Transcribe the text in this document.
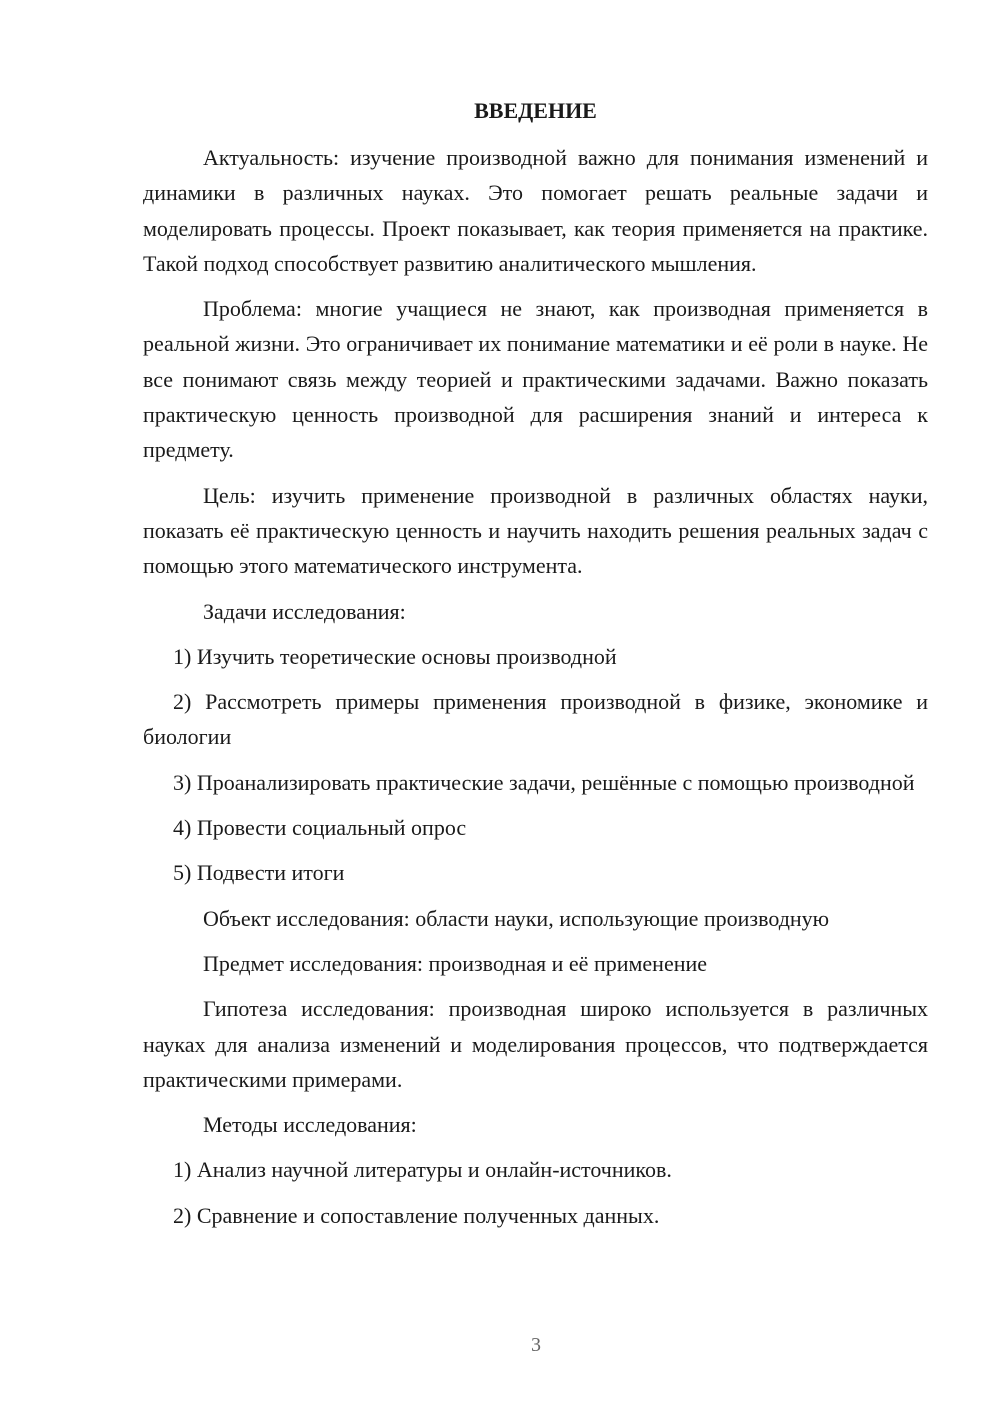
ВВЕДЕНИЕ

Актуальность: изучение производной важно для понимания изменений и динамики в различных науках. Это помогает решать реальные задачи и моделировать процессы. Проект показывает, как теория применяется на практике. Такой подход способствует развитию аналитического мышления.

Проблема: многие учащиеся не знают, как производная применяется в реальной жизни. Это ограничивает их понимание математики и её роли в науке. Не все понимают связь между теорией и практическими задачами. Важно показать практическую ценность производной для расширения знаний и интереса к предмету.

Цель: изучить применение производной в различных областях науки, показать её практическую ценность и научить находить решения реальных задач с помощью этого математического инструмента.

Задачи исследования:

1) Изучить теоретические основы производной

2) Рассмотреть примеры применения производной в физике, экономике и биологии

3) Проанализировать практические задачи, решённые с помощью производной

4) Провести социальный опрос

5) Подвести итоги

Объект исследования: области науки, использующие производную

Предмет исследования: производная и её применение

Гипотеза исследования: производная широко используется в различных науках для анализа изменений и моделирования процессов, что подтверждается практическими примерами.

Методы исследования:

1) Анализ научной литературы и онлайн-источников.

2) Сравнение и сопоставление полученных данных.

3
